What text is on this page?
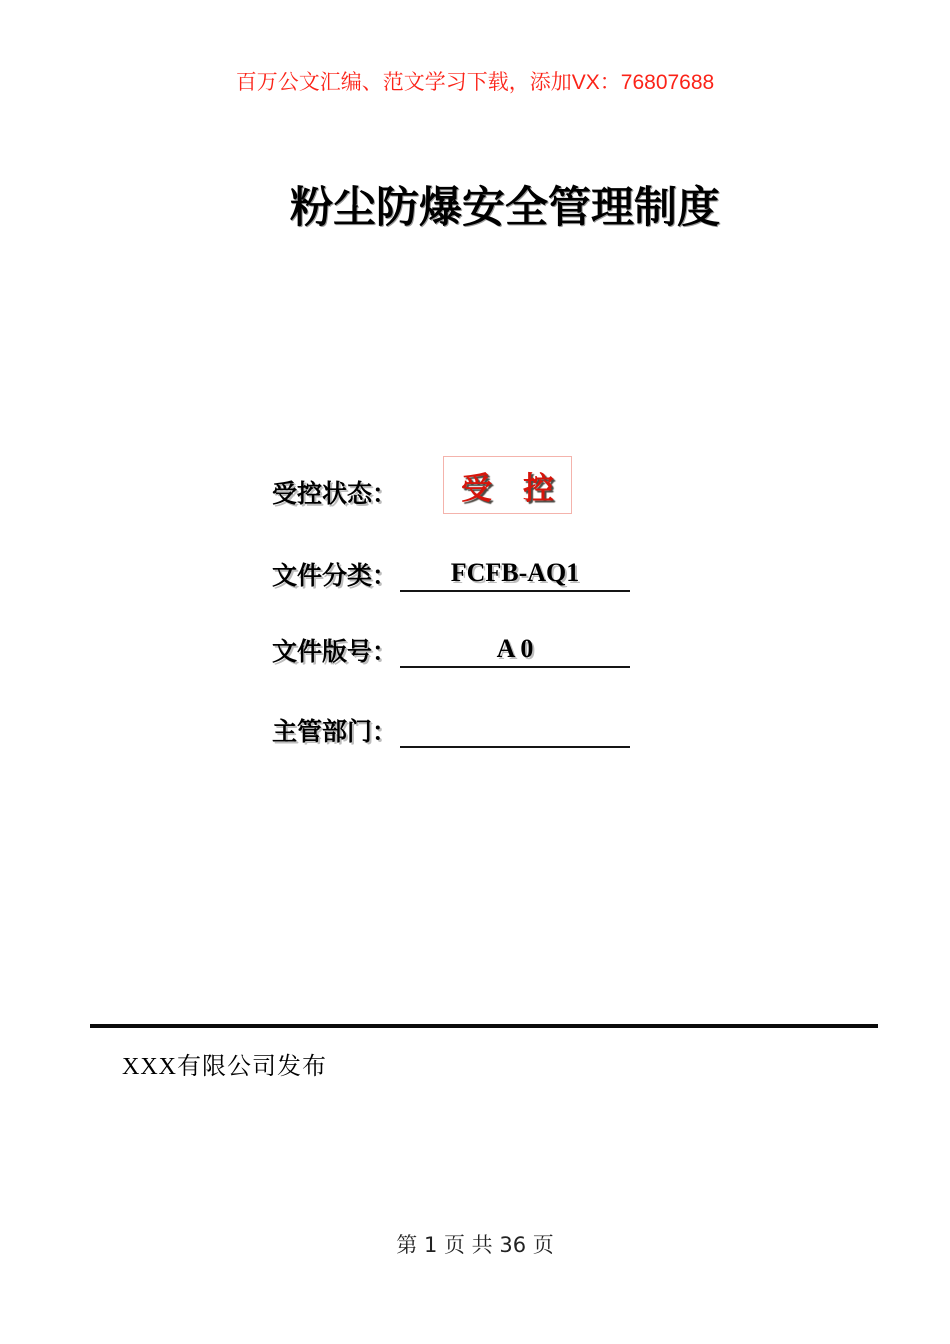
百万公文汇编、范文学习下载，添加VX：76807688
粉尘防爆安全管理制度
受控状态： 受　控
文件分类：	FCFB-AQ1
文件版号：	A 0
主管部门：
XXX有限公司发布
第 1 页 共 36 页
